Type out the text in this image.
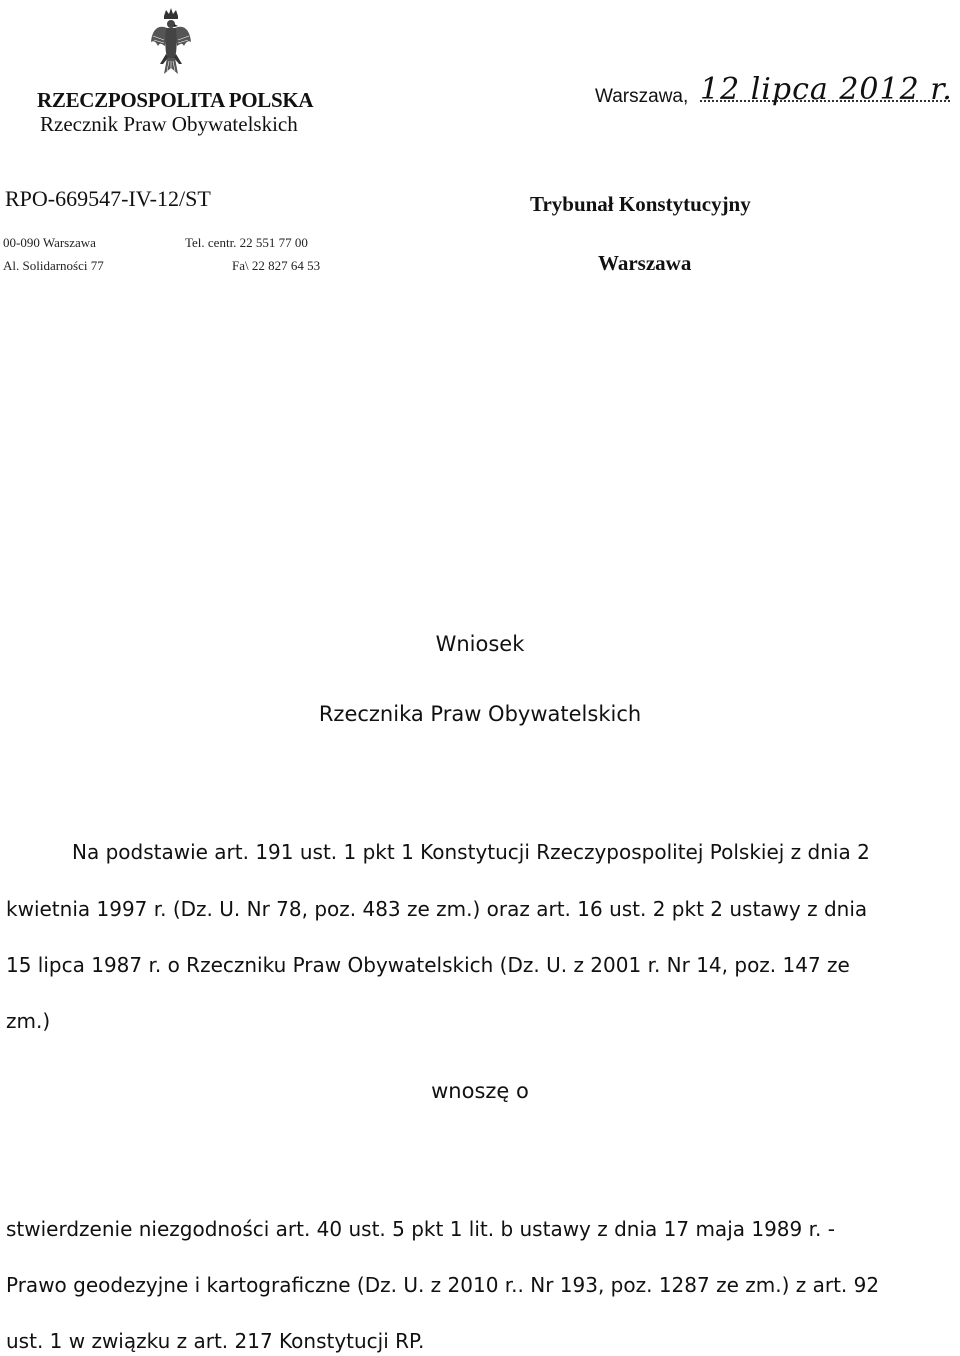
RZECZPOSPOLITA POLSKA
Rzecznik Praw Obywatelskich
Warszawa, 12 lipca 2012 r.
RPO-669547-IV-12/ST
00-090 Warszawa
Al. Solidarności 77
Tel. centr. 22 551 77 00
Fa\ 22 827 64 53
Trybunał Konstytucyjny
Warszawa
Wniosek
Rzecznika Praw Obywatelskich
Na podstawie art. 191 ust. 1 pkt 1 Konstytucji Rzeczypospolitej Polskiej z dnia 2
kwietnia 1997 r. (Dz. U. Nr 78, poz. 483 ze zm.) oraz art. 16 ust. 2 pkt 2 ustawy z dnia
15 lipca 1987 r. o Rzeczniku Praw Obywatelskich (Dz. U. z 2001 r. Nr 14, poz. 147 ze
zm.)
wnoszę o
stwierdzenie niezgodności art. 40 ust. 5 pkt 1 lit. b ustawy z dnia 17 maja 1989 r. -
Prawo geodezyjne i kartograficzne (Dz. U. z 2010 r.. Nr 193, poz. 1287 ze zm.) z art. 92
ust. 1 w związku z art. 217 Konstytucji RP.
